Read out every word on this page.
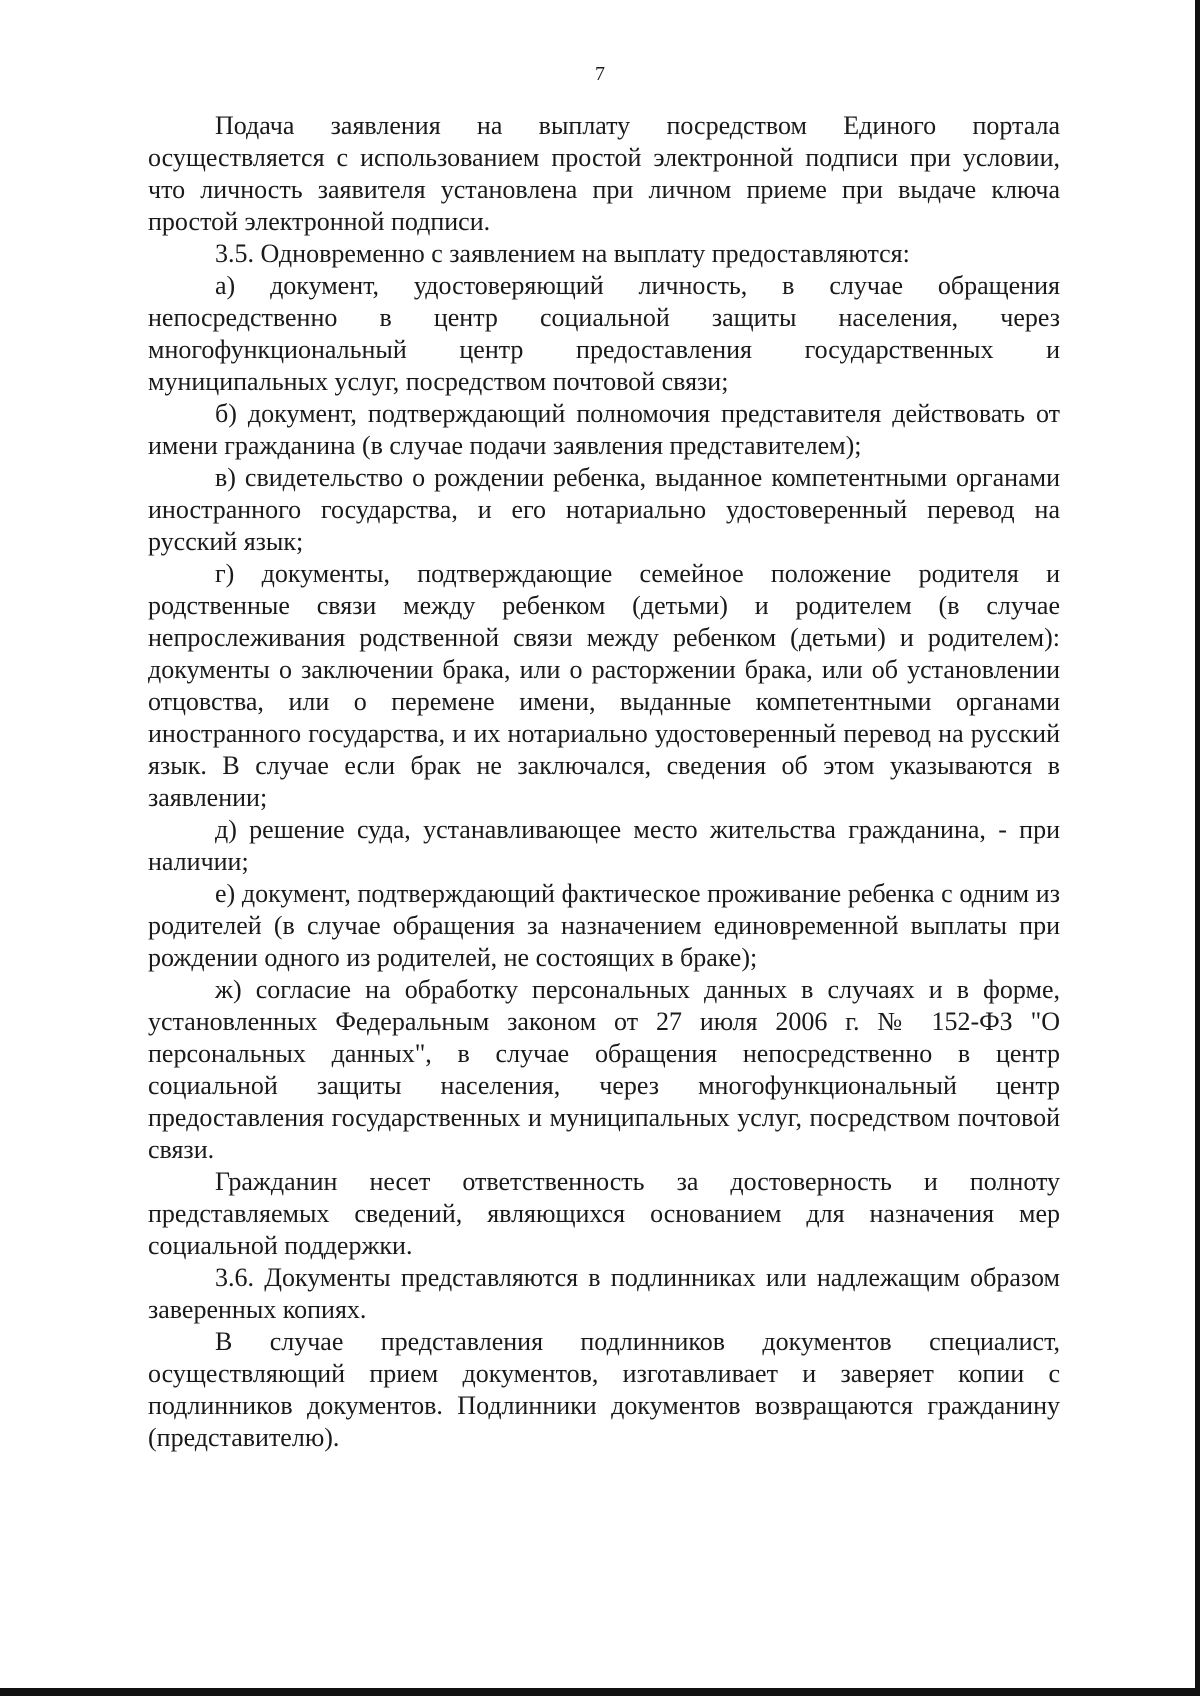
7

Подача заявления на выплату посредством Единого портала осуществляется с использованием простой электронной подписи при условии, что личность заявителя установлена при личном приеме при выдаче ключа простой электронной подписи.

3.5. Одновременно с заявлением на выплату предоставляются:

а) документ, удостоверяющий личность, в случае обращения непосредственно в центр социальной защиты населения, через многофункциональный центр предоставления государственных и муниципальных услуг, посредством почтовой связи;

б) документ, подтверждающий полномочия представителя действовать от имени гражданина (в случае подачи заявления представителем);

в) свидетельство о рождении ребенка, выданное компетентными органами иностранного государства, и его нотариально удостоверенный перевод на русский язык;

г) документы, подтверждающие семейное положение родителя и родственные связи между ребенком (детьми) и родителем (в случае непрослеживания родственной связи между ребенком (детьми) и родителем): документы о заключении брака, или о расторжении брака, или об установлении отцовства, или о перемене имени, выданные компетентными органами иностранного государства, и их нотариально удостоверенный перевод на русский язык. В случае если брак не заключался, сведения об этом указываются в заявлении;

д) решение суда, устанавливающее место жительства гражданина, - при наличии;

е) документ, подтверждающий фактическое проживание ребенка с одним из родителей (в случае обращения за назначением единовременной выплаты при рождении одного из родителей, не состоящих в браке);

ж) согласие на обработку персональных данных в случаях и в форме, установленных Федеральным законом от 27 июля 2006 г. № 152-ФЗ "О персональных данных", в случае обращения непосредственно в центр социальной защиты населения, через многофункциональный центр предоставления государственных и муниципальных услуг, посредством почтовой связи.

Гражданин несет ответственность за достоверность и полноту представляемых сведений, являющихся основанием для назначения мер социальной поддержки.

3.6. Документы представляются в подлинниках или надлежащим образом заверенных копиях.

В случае представления подлинников документов специалист, осуществляющий прием документов, изготавливает и заверяет копии с подлинников документов. Подлинники документов возвращаются гражданину (представителю).
